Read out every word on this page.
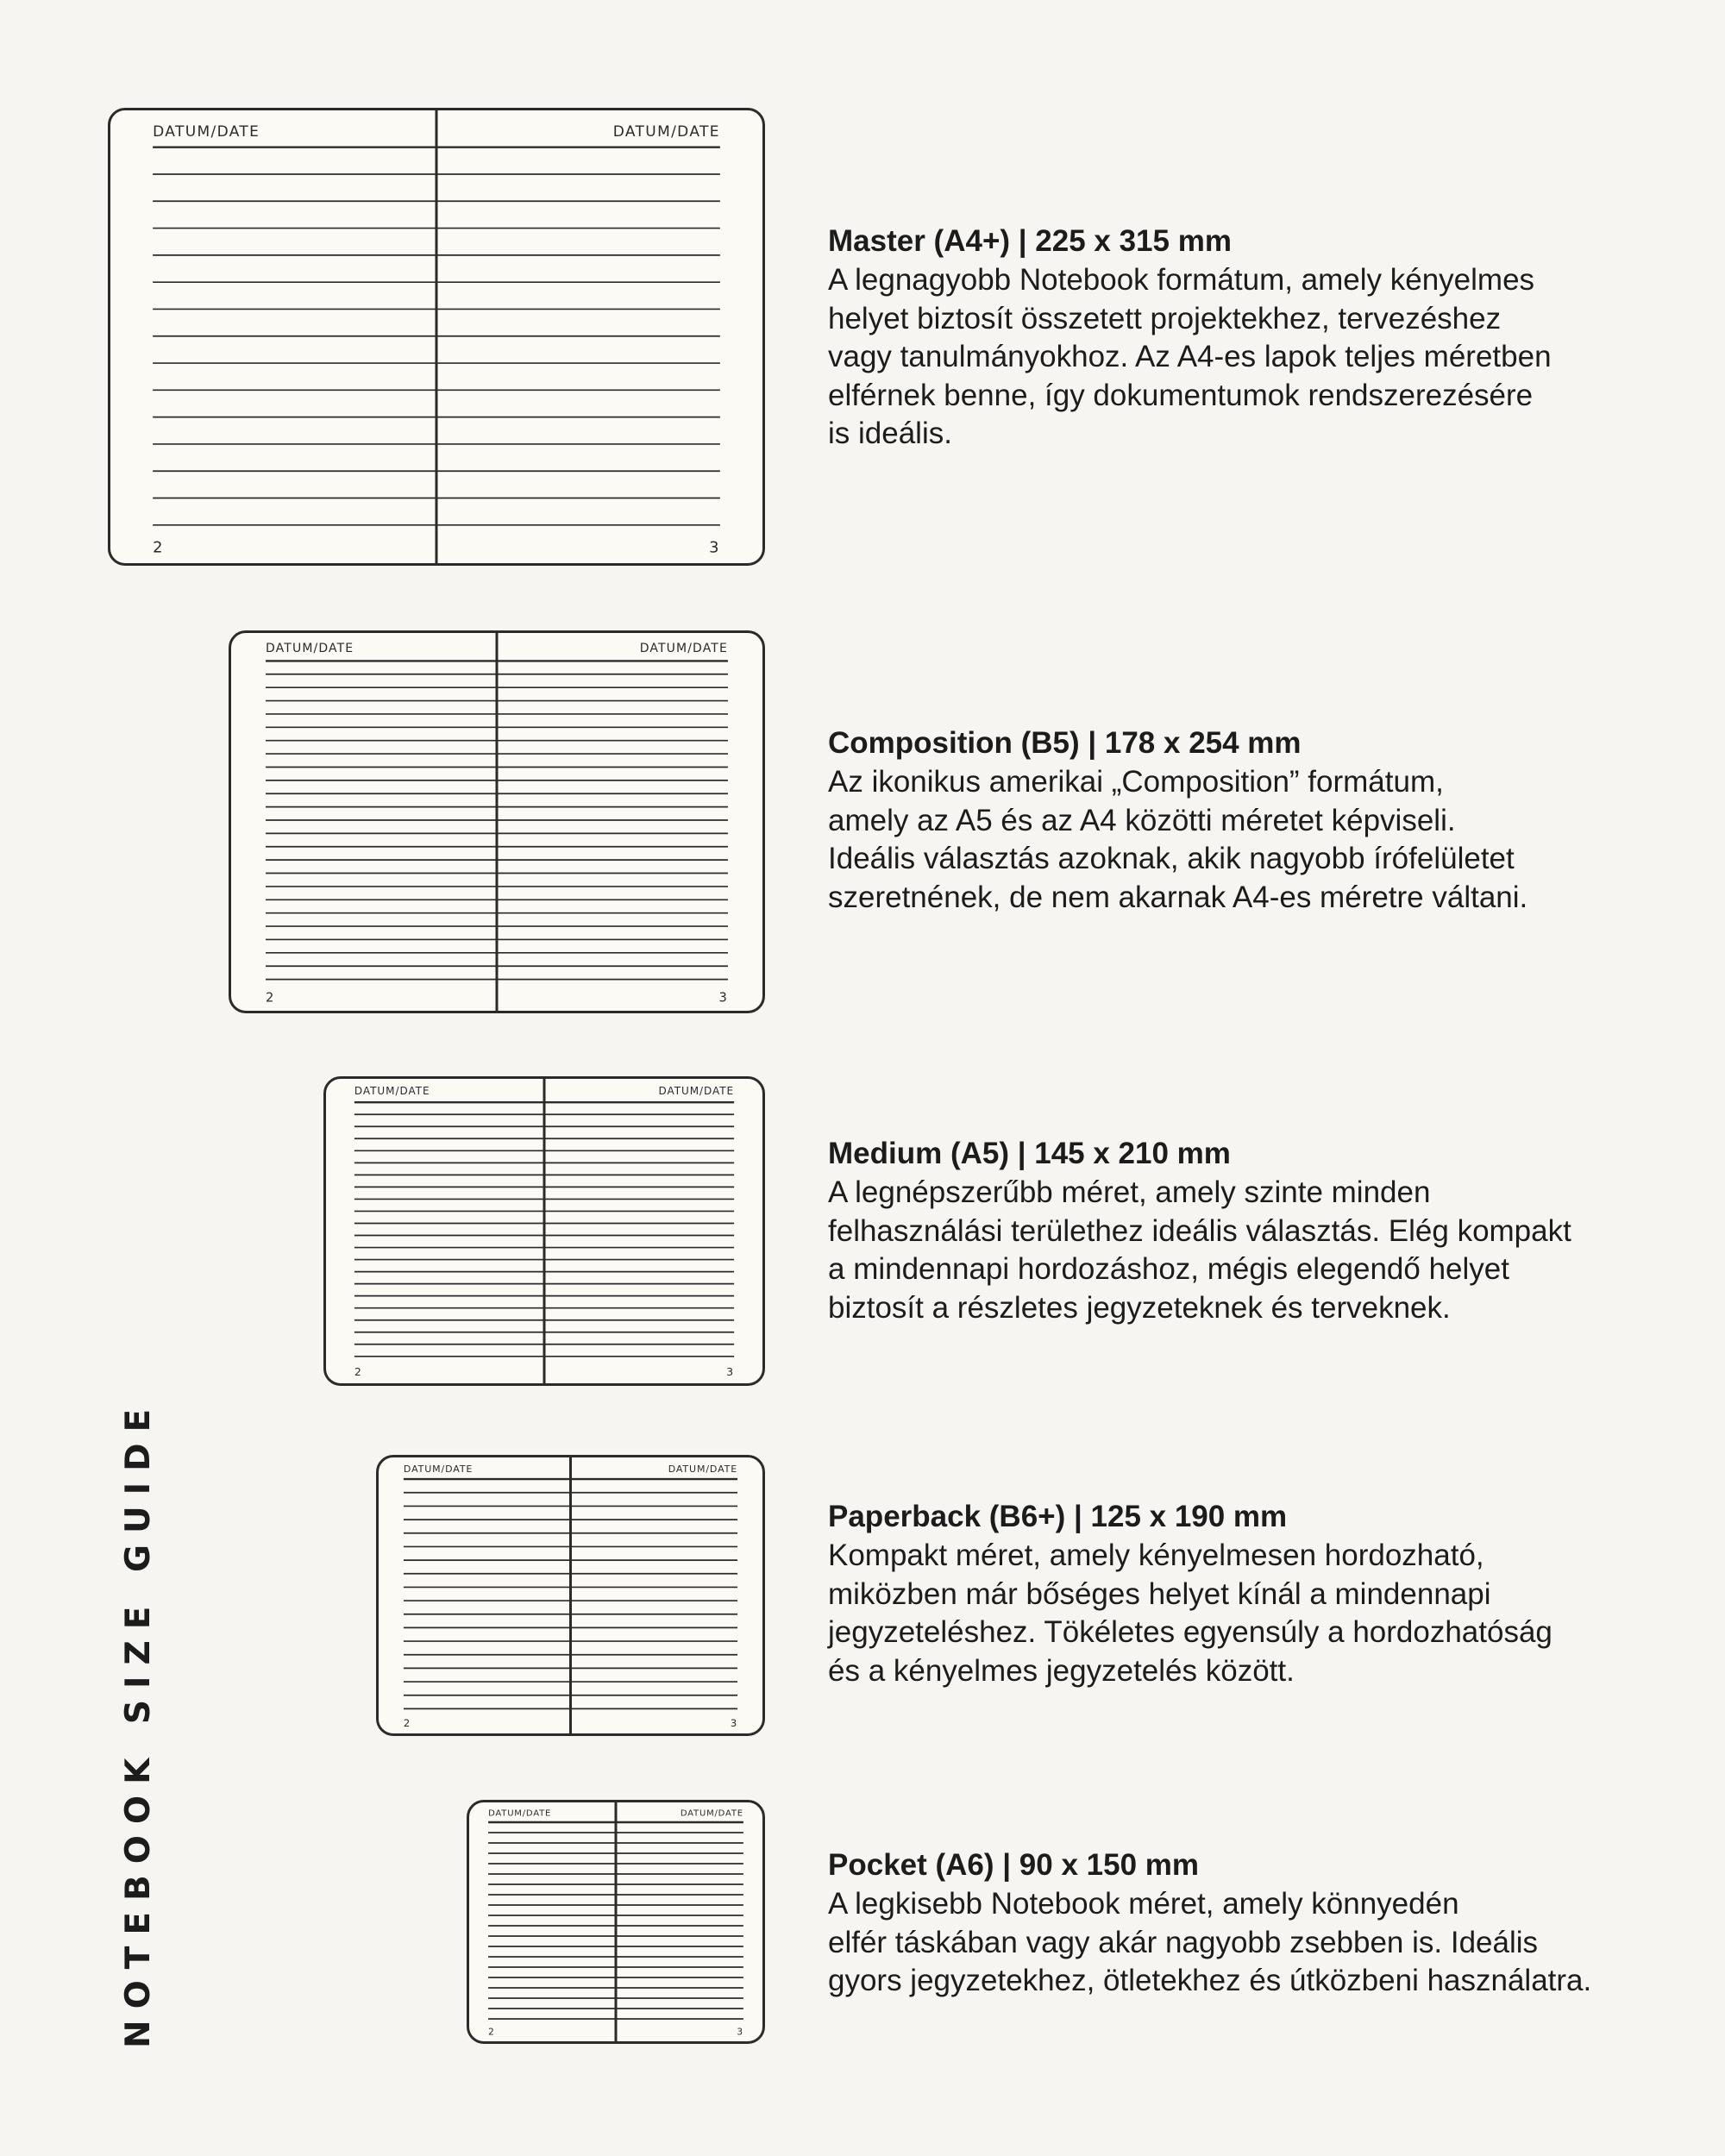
NOTEBOOK SIZE GUIDE
DATUM/DATE	DATUM/DATE
2	3
DATUM/DATE	DATUM/DATE
2	3
DATUM/DATE	DATUM/DATE
2	3
DATUM/DATE	DATUM/DATE
2	3
DATUM/DATE	DATUM/DATE
2	3

Master (A4+) | 225 x 315 mm

A legnagyobb Notebook formátum, amely kényelmes
helyet biztosít összetett projektekhez, tervezéshez
vagy tanulmányokhoz. Az A4-es lapok teljes méretben
elférnek benne, így dokumentumok rendszerezésére
is ideális.

Composition (B5) | 178 x 254 mm

Az ikonikus amerikai „Composition” formátum,
amely az A5 és az A4 közötti méretet képviseli.
Ideális választás azoknak, akik nagyobb írófelületet
szeretnének, de nem akarnak A4-es méretre váltani.

Medium (A5) | 145 x 210 mm

A legnépszerűbb méret, amely szinte minden
felhasználási területhez ideális választás. Elég kompakt
a mindennapi hordozáshoz, mégis elegendő helyet
biztosít a részletes jegyzeteknek és terveknek.

Paperback (B6+) | 125 x 190 mm

Kompakt méret, amely kényelmesen hordozható,
miközben már bőséges helyet kínál a mindennapi
jegyzeteléshez. Tökéletes egyensúly a hordozhatóság
és a kényelmes jegyzetelés között.

Pocket (A6) | 90 x 150 mm

A legkisebb Notebook méret, amely könnyedén
elfér táskában vagy akár nagyobb zsebben is. Ideális
gyors jegyzetekhez, ötletekhez és útközbeni használatra.
